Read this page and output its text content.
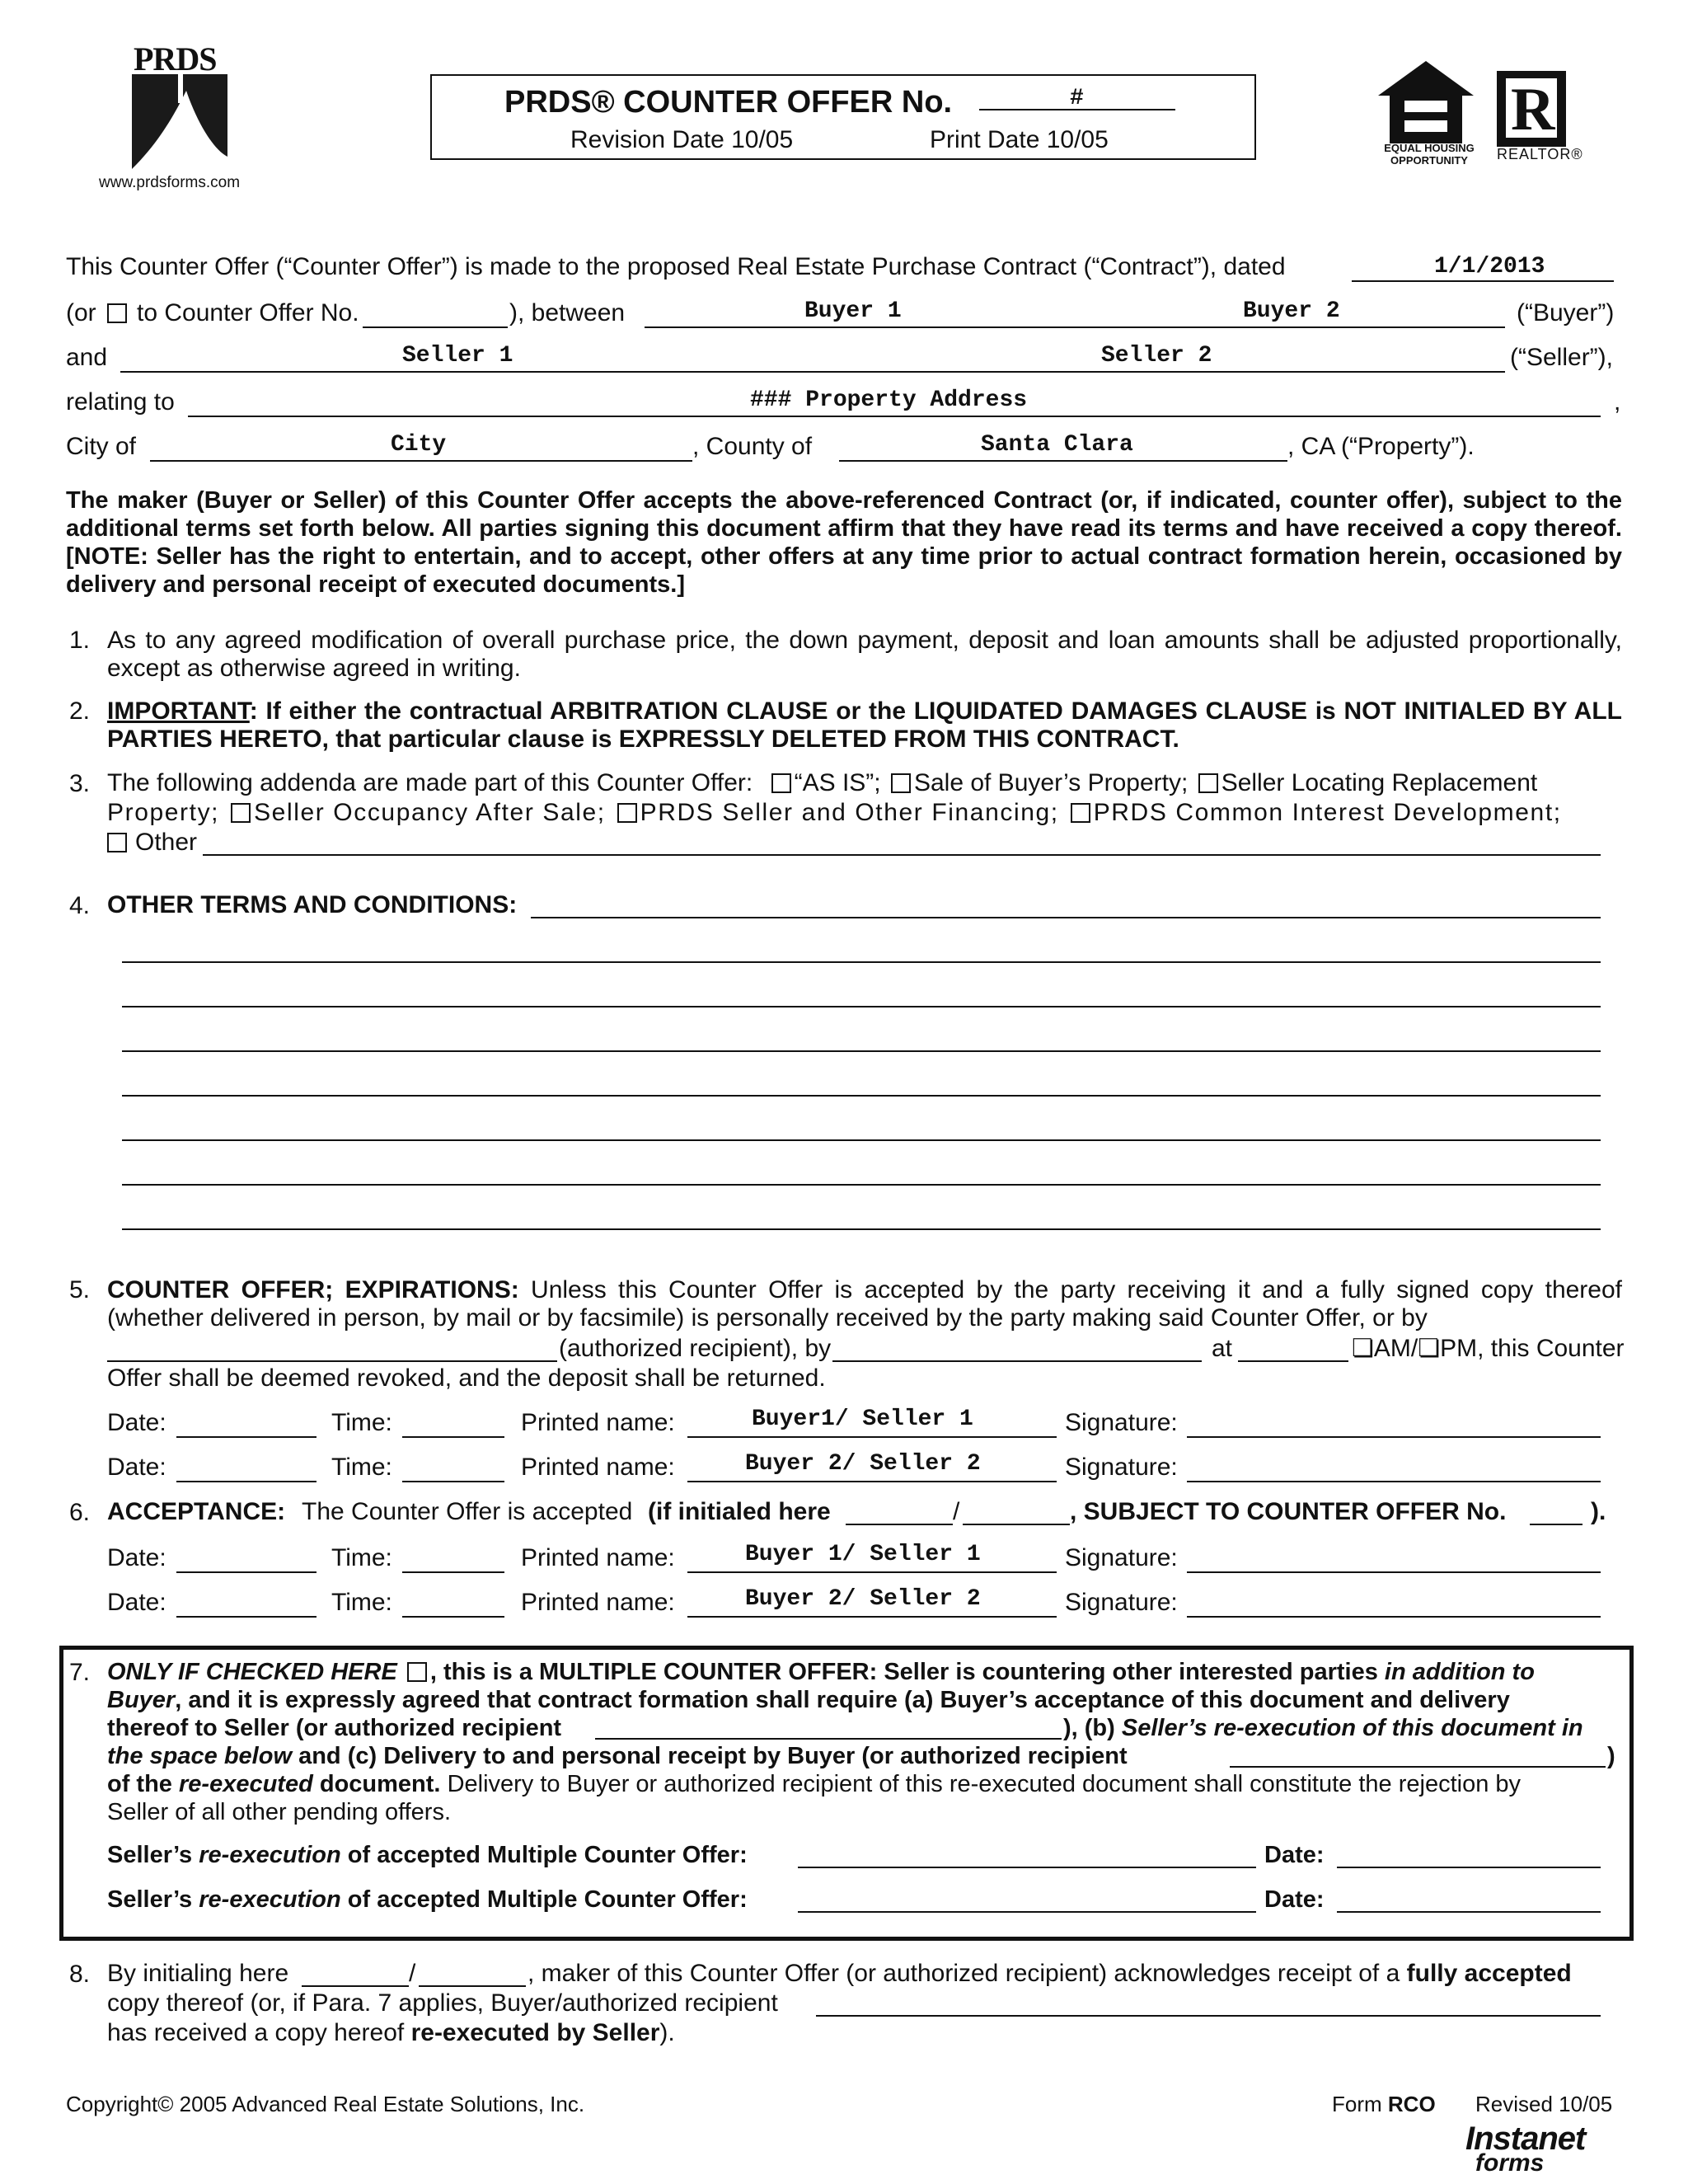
PRDS
www.prdsforms.com
PRDS® COUNTER OFFER No.	#
Revision Date 10/05	Print Date 10/05	EQUAL HOUSING OPPORTUNITY
R
REALTOR®
This Counter Offer (“Counter Offer”) is made to the proposed Real Estate Purchase Contract (“Contract”), dated	1/1/2013
(or to Counter Offer No.	), between	Buyer 1	Buyer 2	(“Buyer”)
and	Seller 1	Seller 2	(“Seller”),
relating to	### Property Address	,
City of	City	, County of	Santa Clara	, CA (“Property”).
The maker (Buyer or Seller) of this Counter Offer accepts the above-referenced Contract (or, if indicated, counter offer), subject to the additional terms set forth below. All parties signing this document affirm that they have read its terms and have received a copy thereof. [NOTE: Seller has the right to entertain, and to accept, other offers at any time prior to actual contract formation herein, occasioned by delivery and personal receipt of executed documents.]
1. As to any agreed modification of overall purchase price, the down payment, deposit and loan amounts shall be adjusted proportionally, except as otherwise agreed in writing.
2. IMPORTANT: If either the contractual ARBITRATION CLAUSE or the LIQUIDATED DAMAGES CLAUSE is NOT INITIALED BY ALL PARTIES HERETO, that particular clause is EXPRESSLY DELETED FROM THIS CONTRACT.
3. The following addenda are made part of this Counter Offer: “AS IS”; Sale of Buyer’s Property; Seller Locating Replacement
Property; Seller Occupancy After Sale; PRDS Seller and Other Financing; PRDS Common Interest Development;
Other
4. OTHER TERMS AND CONDITIONS:
5. COUNTER OFFER; EXPIRATIONS: Unless this Counter Offer is accepted by the party receiving it and a fully signed copy thereof (whether delivered in person, by mail or by facsimile) is personally received by the party making said Counter Offer, or by
(authorized recipient), by	at	❏AM/❏PM, this Counter
Offer shall be deemed revoked, and the deposit shall be returned.
Date:	Time:	Printed name:	Buyer1/ Seller 1	Signature:
Date:	Time:	Printed name:	Buyer 2/ Seller 2	Signature:
6. ACCEPTANCE: The Counter Offer is accepted (if initialed here	/	, SUBJECT TO COUNTER OFFER No.	).
Date:	Time:	Printed name:	Buyer 1/ Seller 1	Signature:
Date:	Time:	Printed name:	Buyer 2/ Seller 2	Signature:
7. ONLY IF CHECKED HERE , this is a MULTIPLE COUNTER OFFER: Seller is countering other interested parties in addition to
Buyer, and it is expressly agreed that contract formation shall require (a) Buyer’s acceptance of this document and delivery
thereof to Seller (or authorized recipient	), (b) Seller’s re-execution of this document in
the space below and (c) Delivery to and personal receipt by Buyer (or authorized recipient	)
of the re-executed document. Delivery to Buyer or authorized recipient of this re-executed document shall constitute the rejection by
Seller of all other pending offers.
Seller’s re-execution of accepted Multiple Counter Offer:	Date:
Seller’s re-execution of accepted Multiple Counter Offer:	Date:
8. By initialing here	/	, maker of this Counter Offer (or authorized recipient) acknowledges receipt of a fully accepted
copy thereof (or, if Para. 7 applies, Buyer/authorized recipient
has received a copy hereof re-executed by Seller).
Copyright© 2005 Advanced Real Estate Solutions, Inc.	Form RCO Revised 10/05
Instanet
forms
